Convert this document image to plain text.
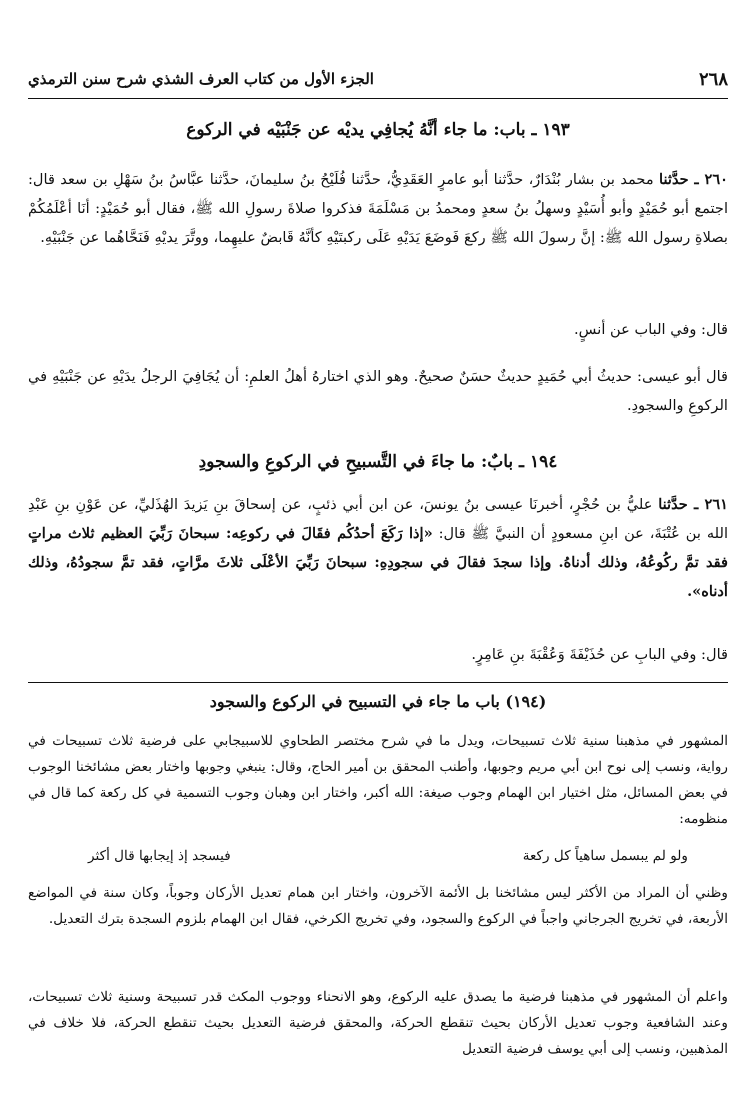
٢٦٨
الجزء الأول من كتاب العرف الشذي شرح سنن الترمذي
١٩٣ ـ باب: ما جاء أنَّهُ يُجافِي يديْه عن جَنْبَيْه في الركوع
٢٦٠ ـ حدَّثنا محمد بن بشار بُنْدَارٌ، حدَّثنا أبو عامرٍ العَقَدِيُّ، حدَّثنا فُلَيْحُ بنُ سليمانَ، حدَّثنا عبَّاسُ بنُ سَهْلِ بن سعد قال: اجتمع أبو حُمَيْدٍ وأبو أُسَيْدٍ وسهلُ بنُ سعدٍ ومحمدُ بن مَسْلَمَةَ فذكروا صلاةَ رسولِ الله ﷺ، فقال أبو حُمَيْدٍ: أنَا أعْلَمُكُمْ بصلاةِ رسول الله ﷺ: إنَّ رسولَ الله ﷺ ركعَ فَوضَعَ يَدَيْهِ عَلَى ركبتَيْهِ كأنَّهُ قَابضٌ عليهِما، ووتَّرَ يديْهِ فَنَحَّاهُما عن جَنْبَيْهِ.
قال: وفي الباب عن أنسٍ.
قال أبو عيسى: حديثُ أبي حُمَيدٍ حديثٌ حسَنٌ صحيحٌ. وهو الذي اختارهُ أهلُ العلمِ: أن يُجَافِيَ الرجلُ يدَيْهِ عن جَنْبَيْهِ في الركوعِ والسجودِ.
١٩٤ ـ بابٌ: ما جاءَ في التَّسبيحِ في الركوعِ والسجودِ
٢٦١ ـ حدَّثنا عليُّ بن حُجْرٍ، أخبرنَا عيسى بنُ يونسَ، عن ابن أبي ذئبٍ، عن إسحاقَ بنِ يَزيدَ الهُذَليِّ، عن عَوْنِ بنِ عَبْدِ الله بن عُتْبَةَ، عن ابنِ مسعودٍ أن النبيَّ ﷺ قال: «إذا رَكَعَ أحدُكُم فقَالَ في ركوعِه: سبحانَ رَبِّيَ العظيم ثلاث مراتٍ فقد تمَّ ركُوعُهُ، وذلك أدناهُ. وإذا سجدَ فقالَ في سجودِهِ: سبحانَ رَبِّيَ الأعْلَى ثلاثَ مرَّاتٍ، فقد تمَّ سجودُهُ، وذلك أدناه».
قال: وفي البابِ عن حُذَيْفَةَ وَعُقْبَةَ بنِ عَامِرٍ.
(١٩٤) باب ما جاء في التسبيح في الركوع والسجود
المشهور في مذهبنا سنية ثلاث تسبيحات، ويدل ما في شرح مختصر الطحاوي للاسبيجابي على فرضية ثلاث تسبيحات في رواية، ونسب إلى نوح ابن أبي مريم وجوبها، وأطنب المحقق بن أمير الحاج، وقال: ينبغي وجوبها واختار بعض مشائخنا الوجوب في بعض المسائل، مثل اختيار ابن الهمام وجوب صيغة: الله أكبر، واختار ابن وهبان وجوب التسمية في كل ركعة كما قال في منظومه:
ولو لم يبسمل ساهياً كل ركعة
فيسجد إذ إيجابها قال أكثر
وظني أن المراد من الأكثر ليس مشائخنا بل الأئمة الآخرون، واختار ابن همام تعديل الأركان وجوباً، وكان سنة في المواضع الأربعة، في تخريج الجرجاني واجباً في الركوع والسجود، وفي تخريج الكرخي، فقال ابن الهمام بلزوم السجدة بترك التعديل.
واعلم أن المشهور في مذهبنا فرضية ما يصدق عليه الركوع، وهو الانحناء ووجوب المكث قدر تسبيحة وسنية ثلاث تسبيحات، وعند الشافعية وجوب تعديل الأركان بحيث تنقطع الحركة، والمحقق فرضية التعديل بحيث تنقطع الحركة، فلا خلاف في المذهبين، ونسب إلى أبي يوسف فرضية التعديل
